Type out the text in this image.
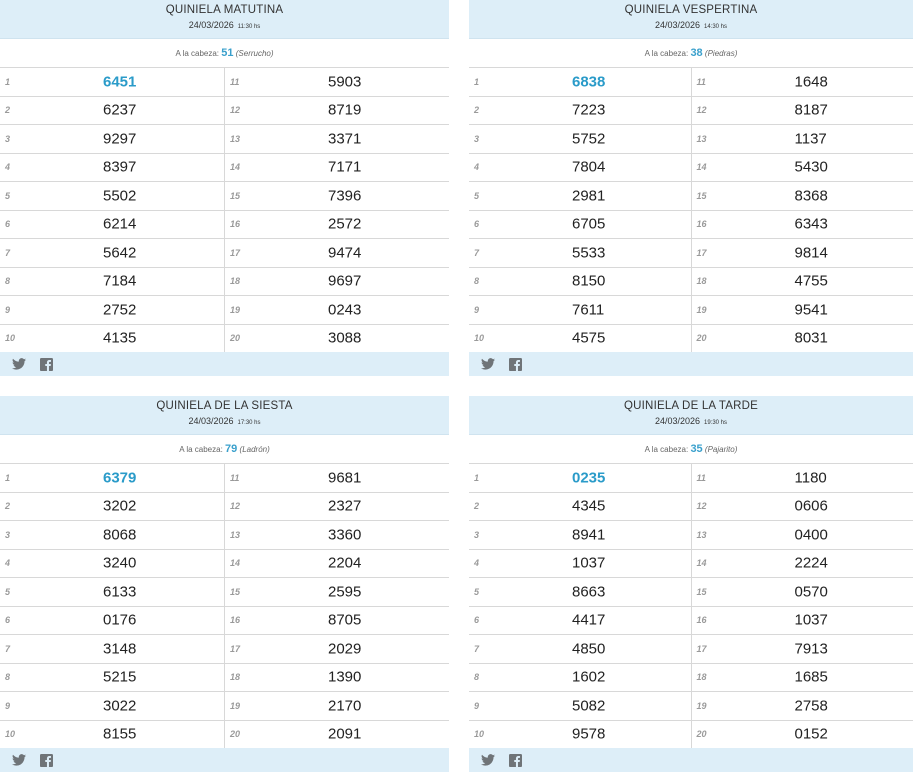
QUINIELA MATUTINA
24/03/2026 11:30 hs
A la cabeza: 51 (Serrucho)
1	6451
2	6237
3	9297
4	8397
5	5502
6	6214
7	5642
8	7184
9	2752
10	4135
11	5903
12	8719
13	3371
14	7171
15	7396
16	2572
17	9474
18	9697
19	0243
20	3088
QUINIELA VESPERTINA
24/03/2026 14:30 hs
A la cabeza: 38 (Piedras)
1	6838
2	7223
3	5752
4	7804
5	2981
6	6705
7	5533
8	8150
9	7611
10	4575
11	1648
12	8187
13	1137
14	5430
15	8368
16	6343
17	9814
18	4755
19	9541
20	8031
QUINIELA DE LA SIESTA
24/03/2026 17:30 hs
A la cabeza: 79 (Ladrón)
1	6379
2	3202
3	8068
4	3240
5	6133
6	0176
7	3148
8	5215
9	3022
10	8155
11	9681
12	2327
13	3360
14	2204
15	2595
16	8705
17	2029
18	1390
19	2170
20	2091
QUINIELA DE LA TARDE
24/03/2026 19:30 hs
A la cabeza: 35 (Pajarito)
1	0235
2	4345
3	8941
4	1037
5	8663
6	4417
7	4850
8	1602
9	5082
10	9578
11	1180
12	0606
13	0400
14	2224
15	0570
16	1037
17	7913
18	1685
19	2758
20	0152
